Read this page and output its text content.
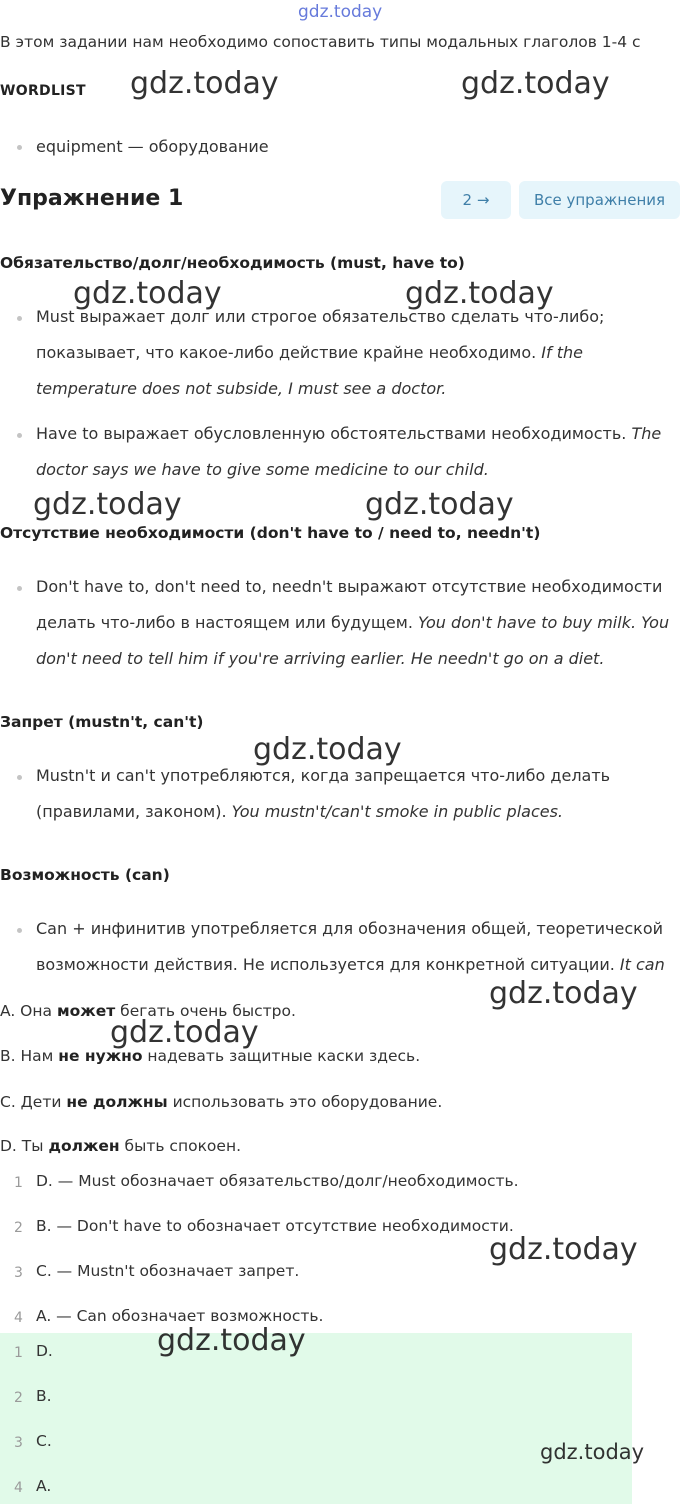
gdz.today
В этом задании нам необходимо сопоставить типы модальных глаголов 1-4 с
WORDLIST gdz.today	gdz.today
equipment — оборудование
Упражнение 1	2 →	Все упражнения
Обязательство/долг/необходимость (must, have to)
gdz.today	gdz.today
Must выражает долг или строгое обязательство сделать что-либо;
показывает, что какое-либо действие крайне необходимо. If the
temperature does not subside, I must see a doctor.
Have to выражает обусловленную обстоятельствами необходимость. The
doctor says we have to give some medicine to our child.
gdz.today	gdz.today
Отсутствие необходимости (don't have to / need to, needn't)
Don't have to, don't need to, needn't выражают отсутствие необходимости
делать что-либо в настоящем или будущем. You don't have to buy milk. You
don't need to tell him if you're arriving earlier. He needn't go on a diet.
Запрет (mustn't, can't)
gdz.today
Mustn't и can't употребляются, когда запрещается что-либо делать
(правилами, законом). You mustn't/can't smoke in public places.
Возможность (can)
Can + инфинитив употребляется для обозначения общей, теоретической
возможности действия. Не используется для конкретной ситуации. It can
gdz.today
A. Она может бегать очень быстро.
gdz.today
B. Нам не нужно надевать защитные каски здесь.
C. Дети не должны использовать это оборудование.
D. Ты должен быть спокоен.
1 D. — Must обозначает обязательство/долг/необходимость.
2 B. — Don't have to обозначает отсутствие необходимости.
gdz.today
3 C. — Mustn't обозначает запрет.
4 A. — Can обозначает возможность.
gdz.today
1 D.
2 B.
3 C.	gdz.today
4 A.
